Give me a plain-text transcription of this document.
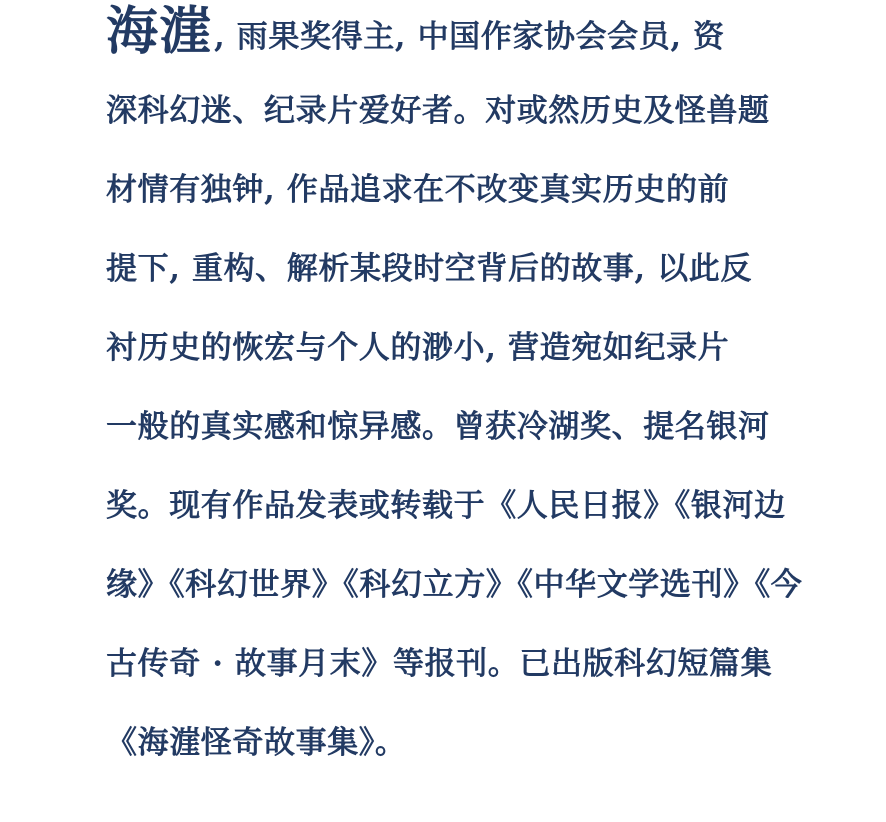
海漄, 雨果奖得主, 中国作家协会会员, 资
深科幻迷、纪录片爱好者。对或然历史及怪兽题
材情有独钟, 作品追求在不改变真实历史的前
提下, 重构、解析某段时空背后的故事, 以此反
衬历史的恢宏与个人的渺小, 营造宛如纪录片
一般的真实感和惊异感。曾获冷湖奖、提名银河
奖。现有作品发表或转载于《人民日报》《银河边
缘》《科幻世界》《科幻立方》《中华文学选刊》《今
古传奇 · 故事月末》等报刊。已出版科幻短篇集
《海漄怪奇故事集》。
